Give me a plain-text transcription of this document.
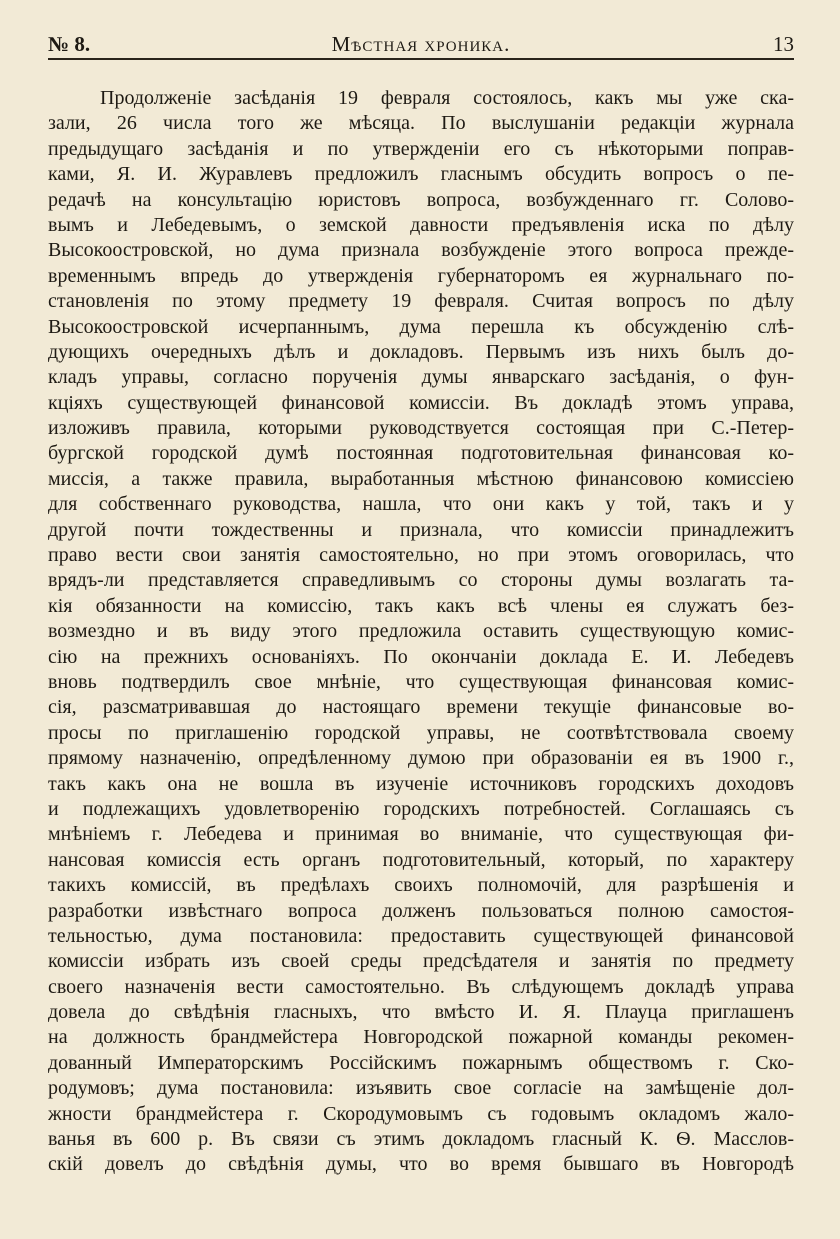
№ 8.	Мѣстная хроника.	13
Продолженіе засѣданія 19 февраля состоялось, какъ мы уже ска-
зали, 26 числа того же мѣсяца. По выслушаніи редакціи журнала
предыдущаго засѣданія и по утвержденіи его съ нѣкоторыми поправ-
ками, Я. И. Журавлевъ предложилъ гласнымъ обсудить вопросъ о пе-
редачѣ на консультацію юристовъ вопроса, возбужденнаго гг. Солово-
вымъ и Лебедевымъ, о земской давности предъявленія иска по дѣлу
Высокоостровской, но дума признала возбужденіе этого вопроса прежде-
временнымъ впредь до утвержденія губернаторомъ ея журнальнаго по-
становленія по этому предмету 19 февраля. Считая вопросъ по дѣлу
Высокоостровской исчерпаннымъ, дума перешла къ обсужденію слѣ-
дующихъ очередныхъ дѣлъ и докладовъ. Первымъ изъ нихъ былъ до-
кладъ управы, согласно порученія думы январскаго засѣданія, о фун-
кціяхъ существующей финансовой комиссіи. Въ докладѣ этомъ управа,
изложивъ правила, которыми руководствуется состоящая при С.-Петер-
бургской городской думѣ постоянная подготовительная финансовая ко-
миссія, а также правила, выработанныя мѣстною финансовою комиссіею
для собственнаго руководства, нашла, что они какъ у той, такъ и у
другой почти тождественны и признала, что комиссіи принадлежитъ
право вести свои занятія самостоятельно, но при этомъ оговорилась, что
врядъ-ли представляется справедливымъ со стороны думы возлагать та-
кія обязанности на комиссію, такъ какъ всѣ члены ея служатъ без-
возмездно и въ виду этого предложила оставить существующую комис-
сію на прежнихъ основаніяхъ. По окончаніи доклада Е. И. Лебедевъ
вновь подтвердилъ свое мнѣніе, что существующая финансовая комис-
сія, разсматривавшая до настоящаго времени текущіе финансовые во-
просы по приглашенію городской управы, не соотвѣтствовала своему
прямому назначенію, опредѣленному думою при образованіи ея въ 1900 г.,
такъ какъ она не вошла въ изученіе источниковъ городскихъ доходовъ
и подлежащихъ удовлетворенію городскихъ потребностей. Соглашаясь съ
мнѣніемъ г. Лебедева и принимая во вниманіе, что существующая фи-
нансовая комиссія есть органъ подготовительный, который, по характеру
такихъ комиссій, въ предѣлахъ своихъ полномочій, для разрѣшенія и
разработки извѣстнаго вопроса долженъ пользоваться полною самостоя-
тельностью, дума постановила: предоставить существующей финансовой
комиссіи избрать изъ своей среды предсѣдателя и занятія по предмету
своего назначенія вести самостоятельно. Въ слѣдующемъ докладѣ управа
довела до свѣдѣнія гласныхъ, что вмѣсто И. Я. Плауца приглашенъ
на должность брандмейстера Новгородской пожарной команды рекомен-
дованный Императорскимъ Россійскимъ пожарнымъ обществомъ г. Ско-
родумовъ; дума постановила: изъявить свое согласіе на замѣщеніе дол-
жности брандмейстера г. Скородумовымъ съ годовымъ окладомъ жало-
ванья въ 600 р. Въ связи съ этимъ докладомъ гласный К. Ѳ. Масслов-
скій довелъ до свѣдѣнія думы, что во время бывшаго въ Новгородѣ
